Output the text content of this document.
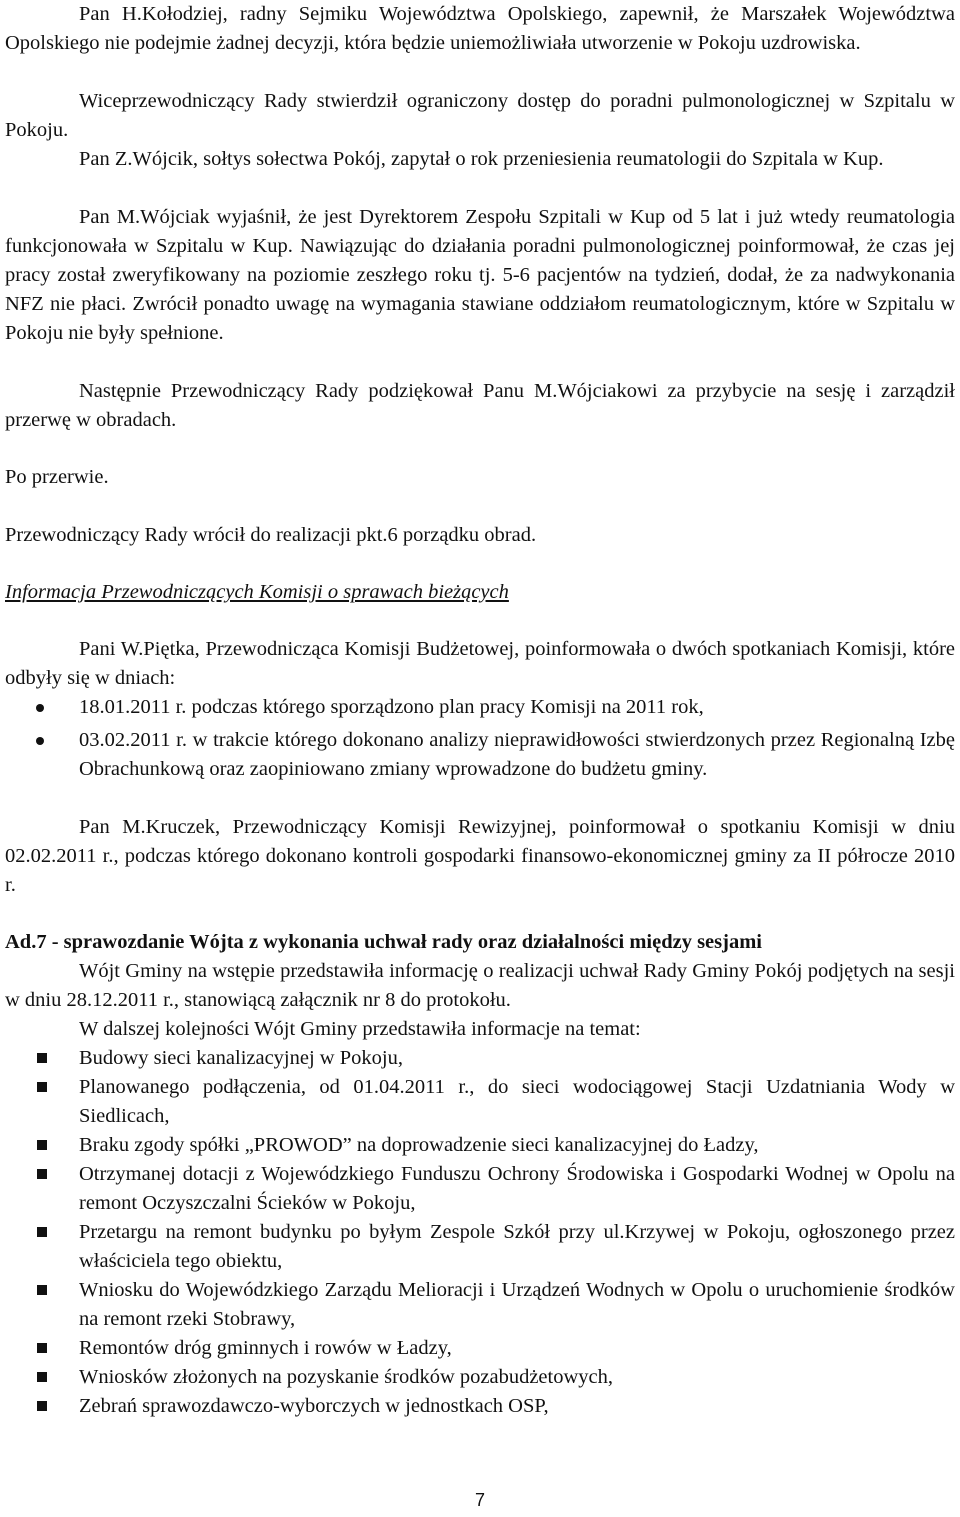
Pan H.Kołodziej, radny Sejmiku Województwa Opolskiego, zapewnił, że Marszałek Województwa Opolskiego nie podejmie żadnej decyzji, która będzie uniemożliwiała utworzenie w Pokoju uzdrowiska.

Wiceprzewodniczący Rady stwierdził ograniczony dostęp do poradni pulmonologicznej w Szpitalu w Pokoju.

Pan Z.Wójcik, sołtys sołectwa Pokój, zapytał o rok przeniesienia reumatologii do Szpitala w Kup.

Pan M.Wójciak wyjaśnił, że jest Dyrektorem Zespołu Szpitali w Kup od 5 lat i już wtedy reumatologia funkcjonowała w Szpitalu w Kup. Nawiązując do działania poradni pulmonologicznej poinformował, że czas jej pracy został zweryfikowany na poziomie zeszłego roku tj. 5-6 pacjentów na tydzień, dodał, że za nadwykonania NFZ nie płaci. Zwrócił ponadto uwagę na wymagania stawiane oddziałom reumatologicznym, które w Szpitalu w Pokoju nie były spełnione.

Następnie Przewodniczący Rady podziękował Panu M.Wójciakowi za przybycie na sesję i zarządził przerwę w obradach.

Po przerwie.

Przewodniczący Rady wrócił do realizacji pkt.6 porządku obrad.

Informacja Przewodniczących Komisji o sprawach bieżących

Pani W.Piętka, Przewodnicząca Komisji Budżetowej, poinformowała o dwóch spotkaniach Komisji, które odbyły się w dniach:

18.01.2011 r. podczas którego sporządzono plan pracy Komisji na 2011 rok,
03.02.2011 r. w trakcie którego dokonano analizy nieprawidłowości stwierdzonych przez Regionalną Izbę Obrachunkową oraz zaopiniowano zmiany wprowadzone do budżetu gminy.

Pan M.Kruczek, Przewodniczący Komisji Rewizyjnej, poinformował o spotkaniu Komisji w dniu 02.02.2011 r., podczas którego dokonano kontroli gospodarki finansowo-ekonomicznej gminy za II półrocze 2010 r.

Ad.7 - sprawozdanie Wójta z wykonania uchwał rady oraz działalności między sesjami

Wójt Gminy na wstępie przedstawiła informację o realizacji uchwał Rady Gminy Pokój podjętych na sesji w dniu 28.12.2011 r., stanowiącą załącznik nr 8 do protokołu.

W dalszej kolejności Wójt Gminy przedstawiła informacje na temat:

Budowy sieci kanalizacyjnej w Pokoju,
Planowanego podłączenia, od 01.04.2011 r., do sieci wodociągowej Stacji Uzdatniania Wody w Siedlicach,
Braku zgody spółki „PROWOD” na doprowadzenie sieci kanalizacyjnej do Ładzy,
Otrzymanej dotacji z Wojewódzkiego Funduszu Ochrony Środowiska i Gospodarki Wodnej w Opolu na remont Oczyszczalni Ścieków w Pokoju,
Przetargu na remont budynku po byłym Zespole Szkół przy ul.Krzywej w Pokoju, ogłoszonego przez właściciela tego obiektu,
Wniosku do Wojewódzkiego Zarządu Melioracji i Urządzeń Wodnych w Opolu o uruchomienie środków na remont rzeki Stobrawy,
Remontów dróg gminnych i rowów w Ładzy,
Wniosków złożonych na pozyskanie środków pozabudżetowych,
Zebrań sprawozdawczo-wyborczych w jednostkach OSP,
7
